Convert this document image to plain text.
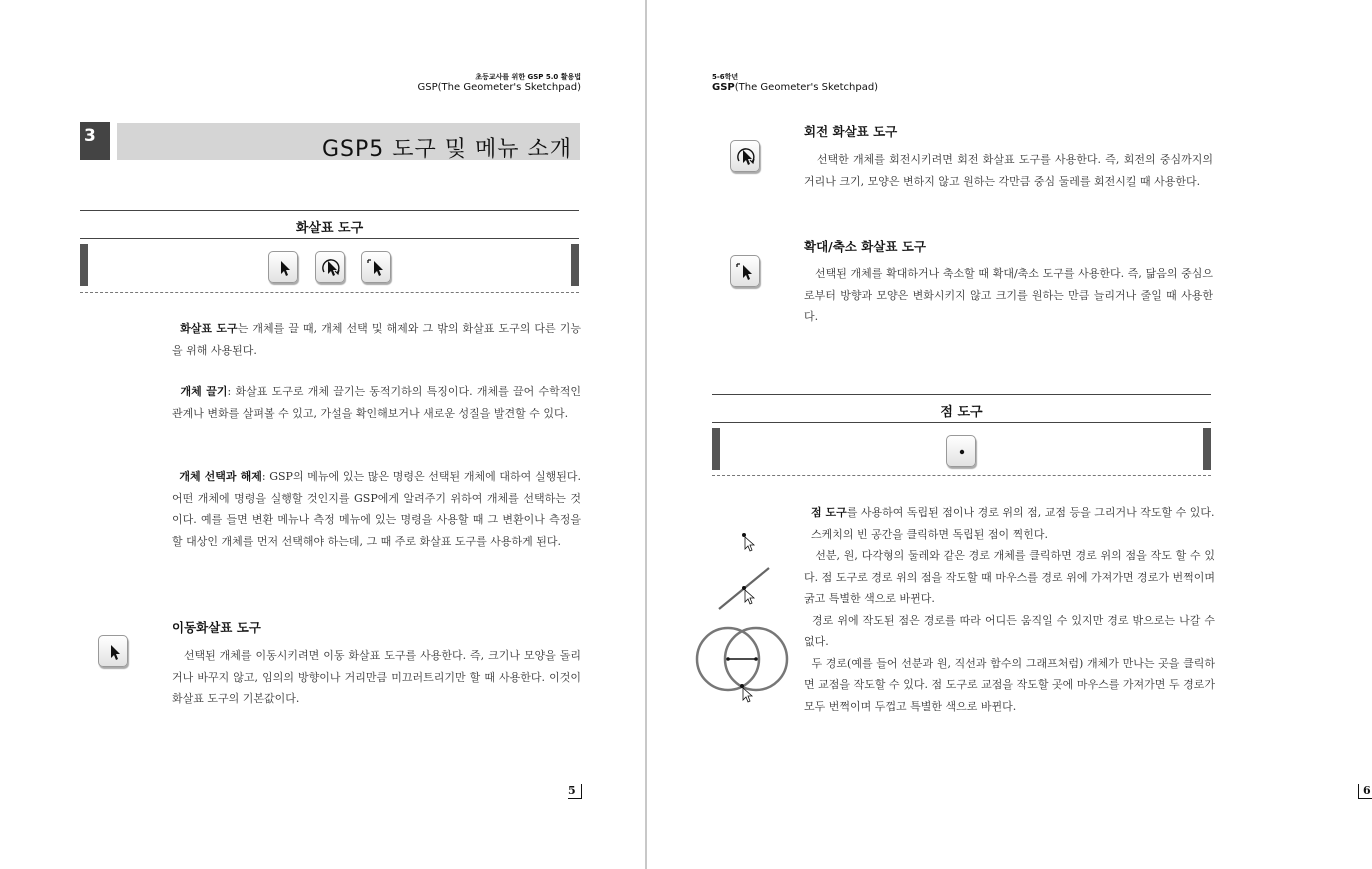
초등교사를 위한 GSP 5.0 활용법
GSP(The Geometer's Sketchpad)
3
GSP5 도구 및 메뉴 소개
화살표 도구
화살표 도구는 개체를 끌 때, 개체 선택 및 해제와 그 밖의 화살표 도구의 다른 기능을 위해 사용된다.
개체 끌기: 화살표 도구로 개체 끌기는 동적기하의 특징이다. 개체를 끌어 수학적인 관계나 변화를 살펴볼 수 있고, 가설을 확인해보거나 새로운 성질을 발견할 수 있다.
개체 선택과 해제: GSP의 메뉴에 있는 많은 명령은 선택된 개체에 대하여 실행된다. 어떤 개체에 명령을 실행할 것인지를 GSP에게 알려주기 위하여 개체를 선택하는 것이다. 예를 들면 변환 메뉴나 측정 메뉴에 있는 명령을 사용할 때 그 변환이나 측정을 할 대상인 개체를 먼저 선택해야 하는데, 그 때 주로 화살표 도구를 사용하게 된다.
이동화살표 도구
선택된 개체를 이동시키려면 이동 화살표 도구를 사용한다. 즉, 크기나 모양을 돌리거나 바꾸지 않고, 임의의 방향이나 거리만큼 미끄러트리기만 할 때 사용한다. 이것이 화살표 도구의 기본값이다.
5
5-6학년
GSP(The Geometer's Sketchpad)
회전 화살표 도구
선택한 개체를 회전시키려면 회전 화살표 도구를 사용한다. 즉, 회전의 중심까지의 거리나 크기, 모양은 변하지 않고 원하는 각만큼 중심 둘레를 회전시킬 때 사용한다.
확대/축소 화살표 도구
선택된 개체를 확대하거나 축소할 때 확대/축소 도구를 사용한다. 즉, 닮음의 중심으로부터 방향과 모양은 변화시키지 않고 크기를 원하는 만큼 늘리거나 줄일 때 사용한다.
점 도구
점 도구를 사용하여 독립된 점이나 경로 위의 점, 교점 등을 그리거나 작도할 수 있다.
스케치의 빈 공간을 클릭하면 독립된 점이 찍힌다.
선분, 원, 다각형의 둘레와 같은 경로 개체를 클릭하면 경로 위의 점을 작도 할 수 있다. 점 도구로 경로 위의 점을 작도할 때 마우스를 경로 위에 가져가면 경로가 번쩍이며 굵고 특별한 색으로 바뀐다.
경로 위에 작도된 점은 경로를 따라 어디든 움직일 수 있지만 경로 밖으로는 나갈 수 없다.
두 경로(예를 들어 선분과 원, 직선과 함수의 그래프처럼) 개체가 만나는 곳을 클릭하면 교점을 작도할 수 있다. 점 도구로 교점을 작도할 곳에 마우스를 가져가면 두 경로가 모두 번쩍이며 두껍고 특별한 색으로 바뀐다.
6
